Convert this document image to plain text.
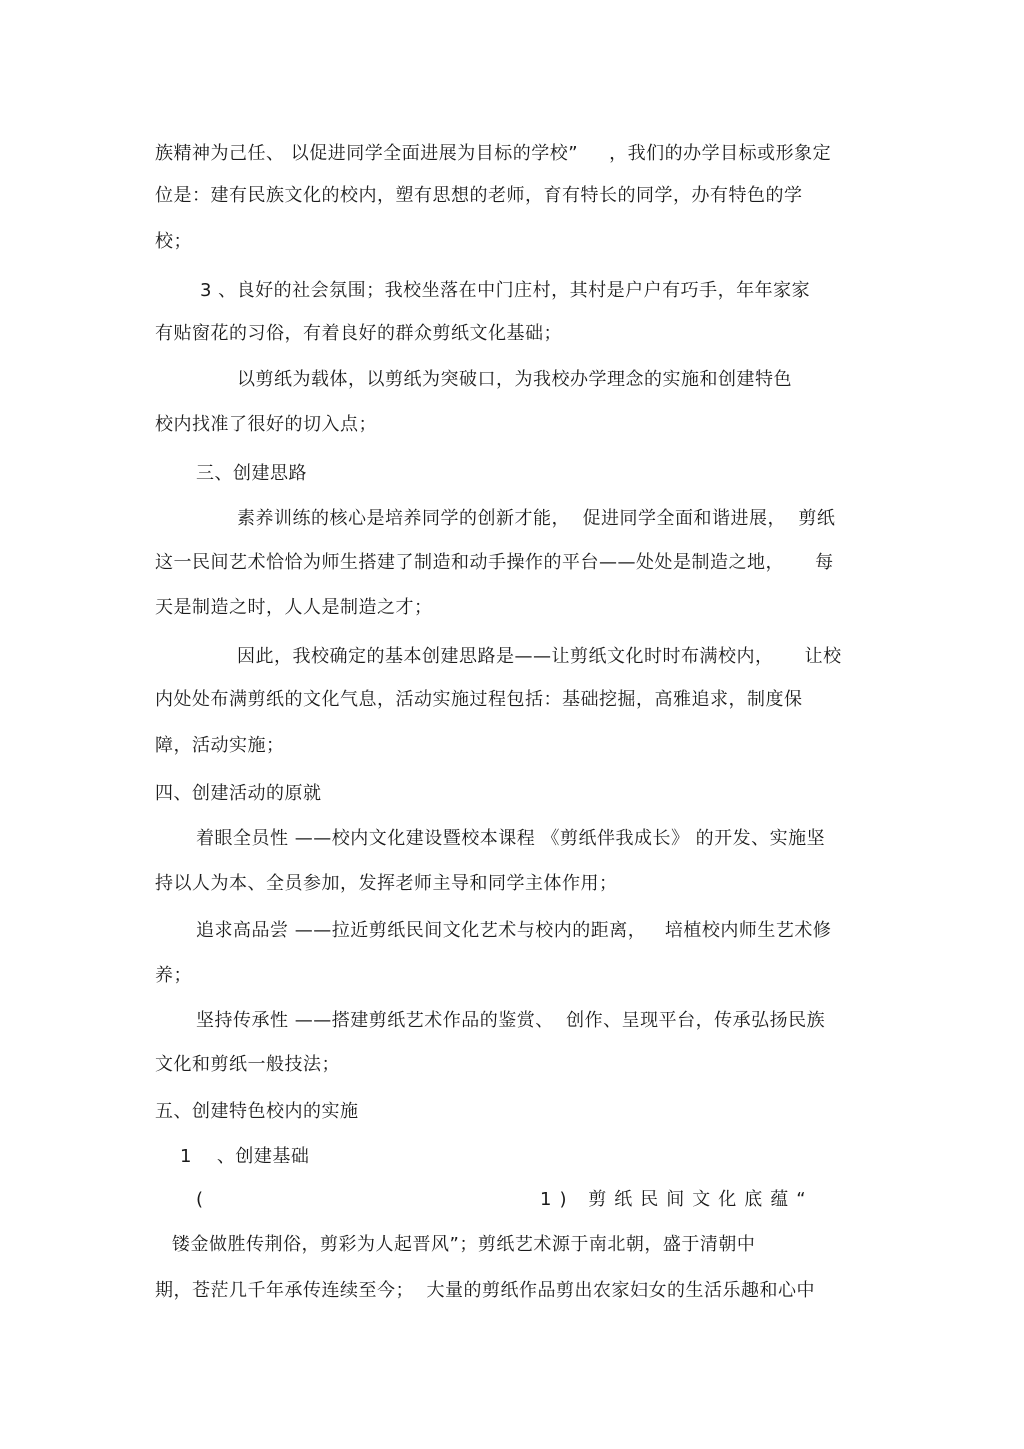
族精神为己任、 以促进同学全面进展为目标的学校”     ，我们的办学目标或形象定
位是：建有民族文化的校内，塑有思想的老师，育有特长的同学，办有特色的学
校；
3 、良好的社会氛围；我校坐落在中门庄村，其村是户户有巧手，年年家家
有贴窗花的习俗，有着良好的群众剪纸文化基础；
以剪纸为载体，以剪纸为突破口，为我校办学理念的实施和创建特色
校内找准了很好的切入点；
三、创建思路
素养训练的核心是培养同学的创新才能，  促进同学全面和谐进展，  剪纸
这一民间艺术恰恰为师生搭建了制造和动手操作的平台——处处是制造之地，     每
天是制造之时，人人是制造之才；
因此，我校确定的基本创建思路是——让剪纸文化时时布满校内，     让校
内处处布满剪纸的文化气息，活动实施过程包括：基础挖掘，高雅追求，制度保
障，活动实施；
四、创建活动的原就
着眼全员性 ——校内文化建设暨校本课程 《剪纸伴我成长》 的开发、实施坚
持以人为本、全员参加，发挥老师主导和同学主体作用；
追求高品尝 ——拉近剪纸民间文化艺术与校内的距离，   培植校内师生艺术修
养；
坚持传承性 ——搭建剪纸艺术作品的鉴赏、  创作、呈现平台，传承弘扬民族
文化和剪纸一般技法；
五、创建特色校内的实施
1    、创建基础
(	1) 剪纸民间文化底蕴“
镂金做胜传荆俗，剪彩为人起晋风”；剪纸艺术源于南北朝，盛于清朝中
期，苍茫几千年承传连续至今；  大量的剪纸作品剪出农家妇女的生活乐趣和心中
